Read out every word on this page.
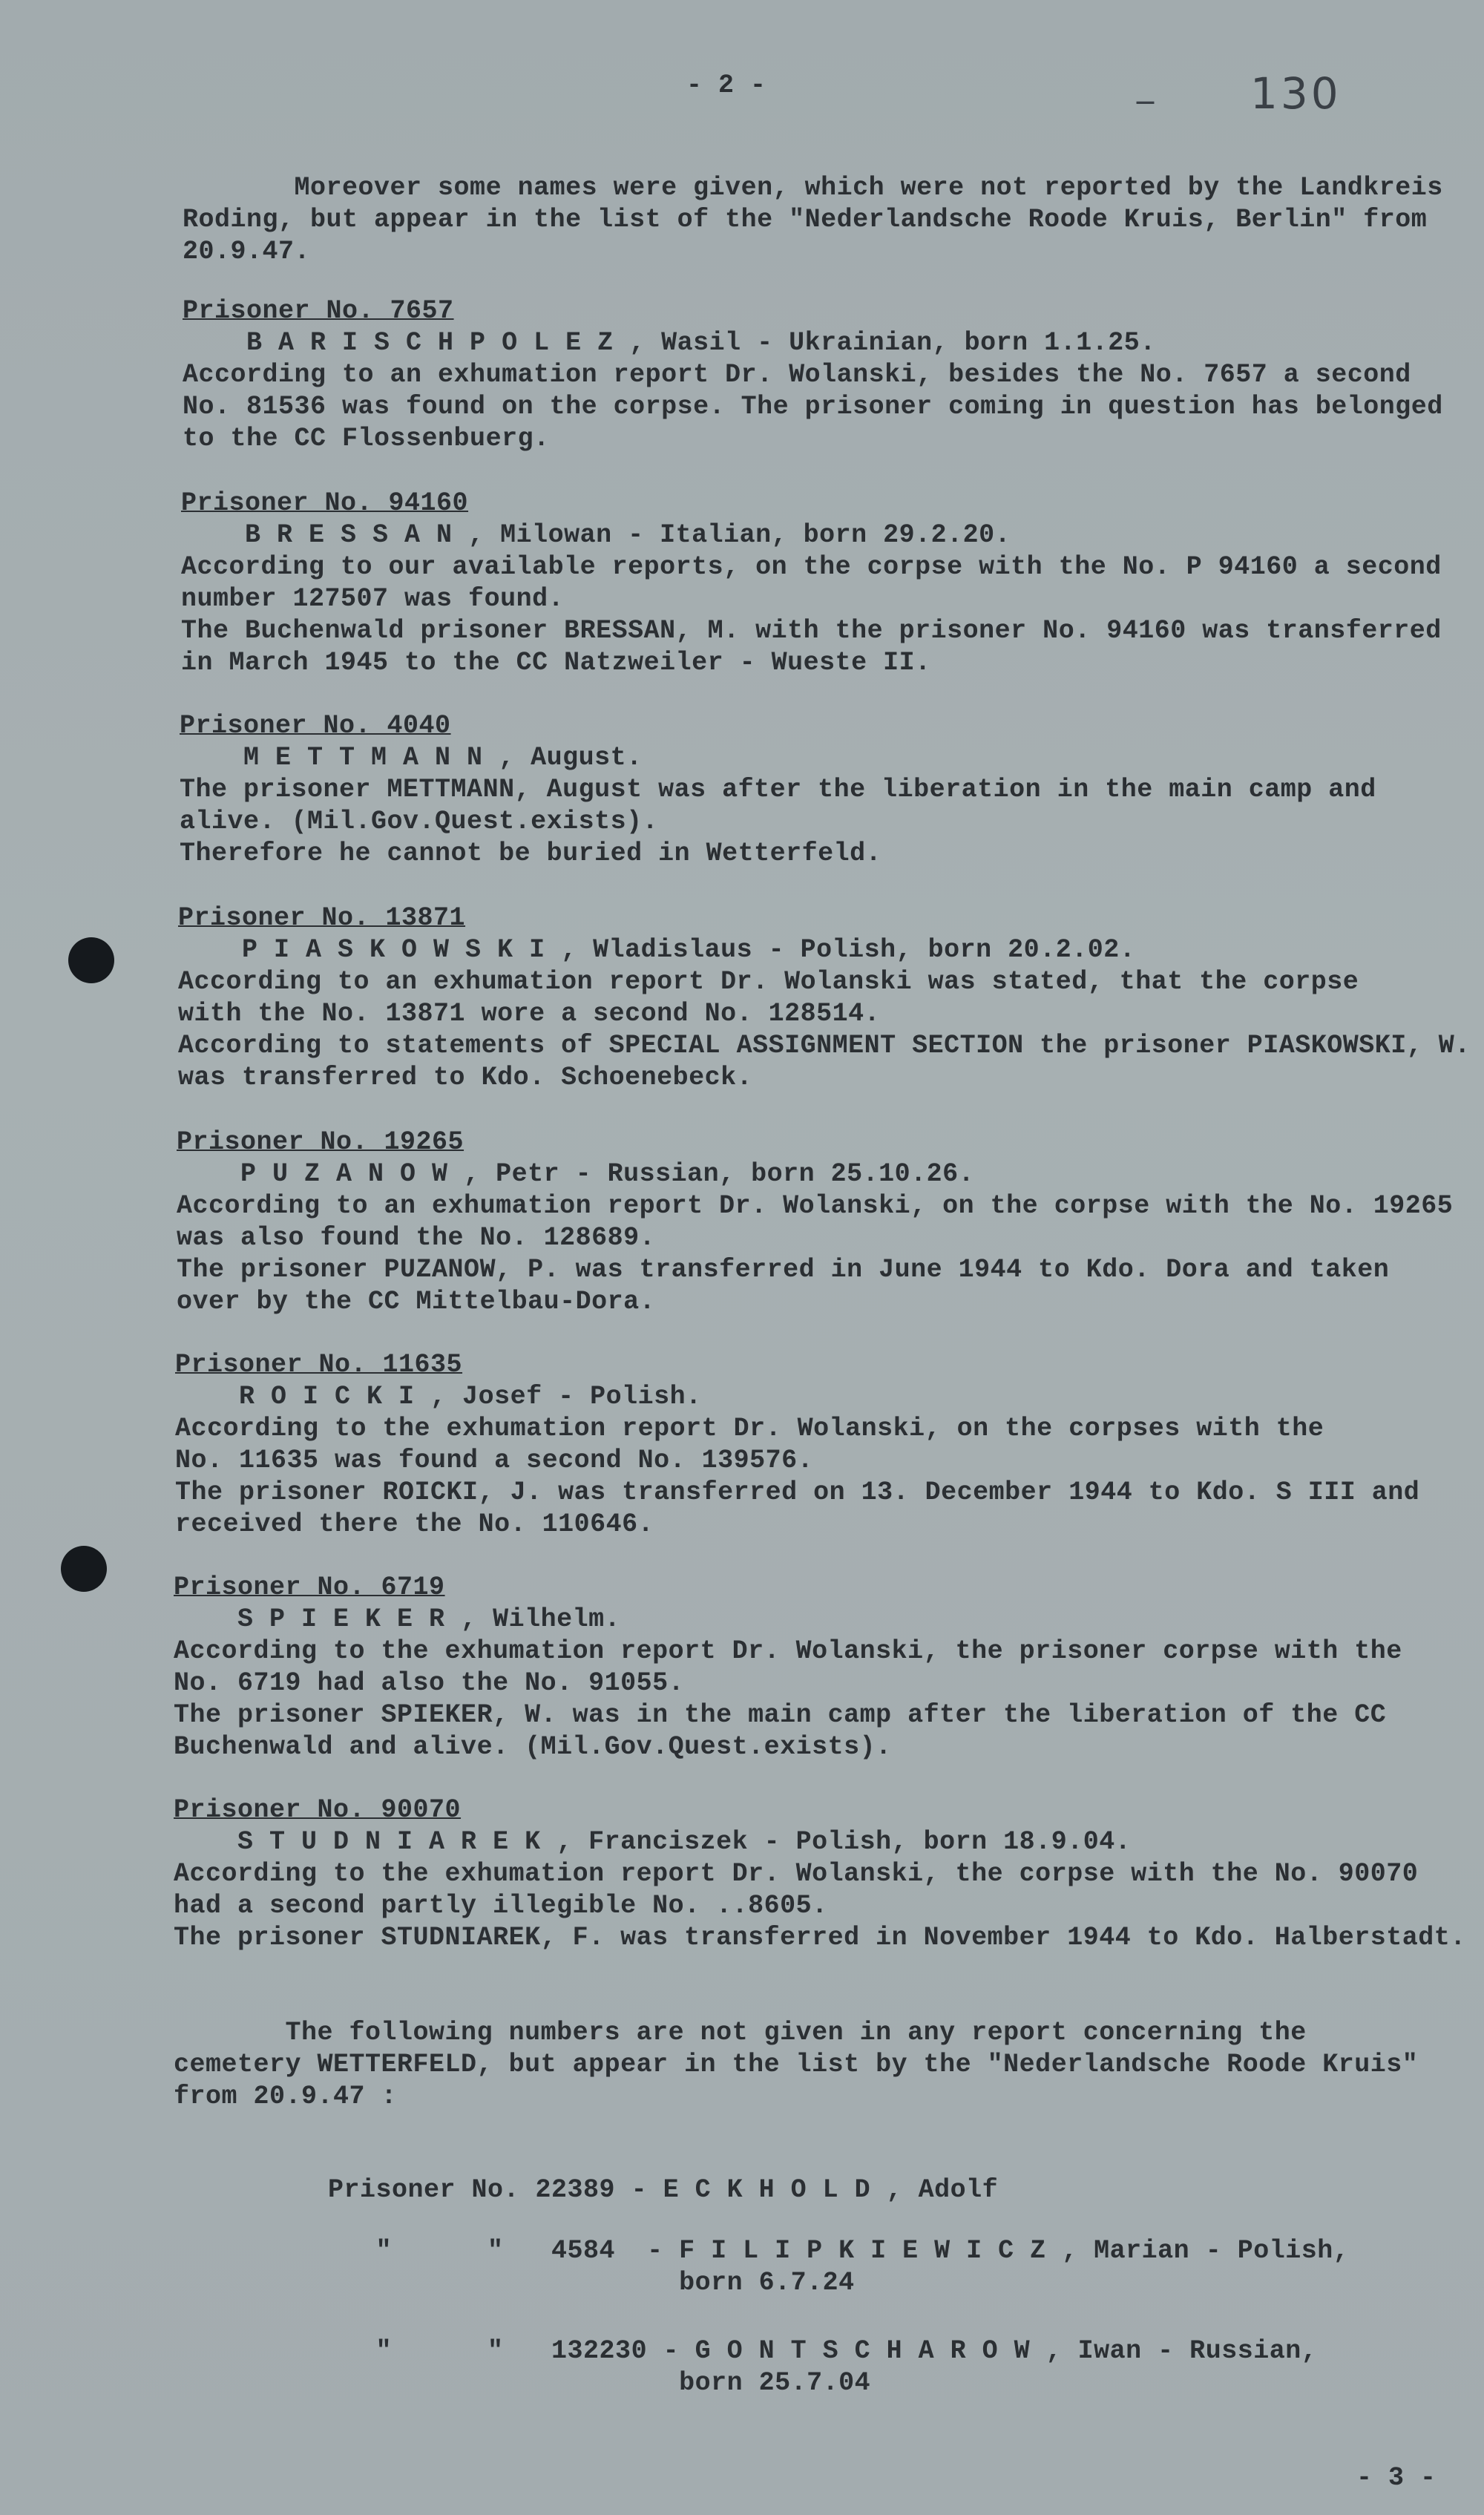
- 2 -	_ 130
Moreover some names were given, which were not reported by the Landkreis
Roding, but appear in the list of the "Nederlandsche Roode Kruis, Berlin" from
20.9.47.
Prisoner No. 7657
B A R I S C H P O L E Z , Wasil - Ukrainian, born 1.1.25.
According to an exhumation report Dr. Wolanski, besides the No. 7657 a second
No. 81536 was found on the corpse. The prisoner coming in question has belonged
to the CC Flossenbuerg.
Prisoner No. 94160
B R E S S A N , Milowan - Italian, born 29.2.20.
According to our available reports, on the corpse with the No. P 94160 a second
number 127507 was found.
The Buchenwald prisoner BRESSAN, M. with the prisoner No. 94160 was transferred
in March 1945 to the CC Natzweiler - Wueste II.
Prisoner No. 4040
M E T T M A N N , August.
The prisoner METTMANN, August was after the liberation in the main camp and
alive. (Mil.Gov.Quest.exists).
Therefore he cannot be buried in Wetterfeld.
Prisoner No. 13871
P I A S K O W S K I , Wladislaus - Polish, born 20.2.02.
According to an exhumation report Dr. Wolanski was stated, that the corpse
with the No. 13871 wore a second No. 128514.
According to statements of SPECIAL ASSIGNMENT SECTION the prisoner PIASKOWSKI, W.
was transferred to Kdo. Schoenebeck.
Prisoner No. 19265
P U Z A N O W , Petr - Russian, born 25.10.26.
According to an exhumation report Dr. Wolanski, on the corpse with the No. 19265
was also found the No. 128689.
The prisoner PUZANOW, P. was transferred in June 1944 to Kdo. Dora and taken
over by the CC Mittelbau-Dora.
Prisoner No. 11635
R O I C K I , Josef - Polish.
According to the exhumation report Dr. Wolanski, on the corpses with the
No. 11635 was found a second No. 139576.
The prisoner ROICKI, J. was transferred on 13. December 1944 to Kdo. S III and
received there the No. 110646.
Prisoner No. 6719
S P I E K E R , Wilhelm.
According to the exhumation report Dr. Wolanski, the prisoner corpse with the
No. 6719 had also the No. 91055.
The prisoner SPIEKER, W. was in the main camp after the liberation of the CC
Buchenwald and alive. (Mil.Gov.Quest.exists).
Prisoner No. 90070
S T U D N I A R E K , Franciszek - Polish, born 18.9.04.
According to the exhumation report Dr. Wolanski, the corpse with the No. 90070
had a second partly illegible No. ..8605.
The prisoner STUDNIAREK, F. was transferred in November 1944 to Kdo. Halberstadt.
The following numbers are not given in any report concerning the
cemetery WETTERFELD, but appear in the list by the "Nederlandsche Roode Kruis"
from 20.9.47 :
Prisoner No. 22389 - E C K H O L D , Adolf
"      "   4584  - F I L I P K I E W I C Z , Marian - Polish,
born 6.7.24
"      "   132230 - G O N T S C H A R O W , Iwan - Russian,
born 25.7.04
- 3 -
